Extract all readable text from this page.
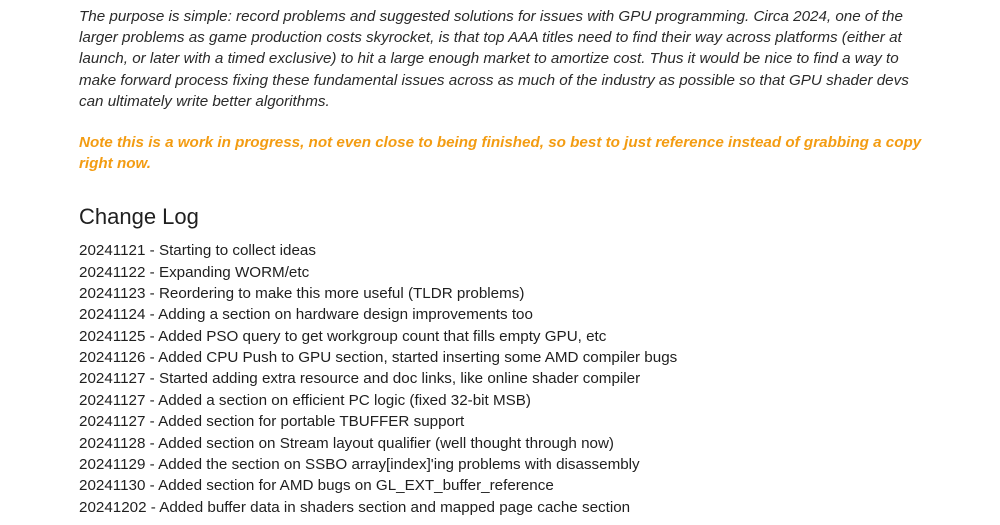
The purpose is simple: record problems and suggested solutions for issues with GPU programming. Circa 2024, one of the larger problems as game production costs skyrocket, is that top AAA titles need to find their way across platforms (either at launch, or later with a timed exclusive) to hit a large enough market to amortize cost. Thus it would be nice to find a way to make forward process fixing these fundamental issues across as much of the industry as possible so that GPU shader devs can ultimately write better algorithms.

Note this is a work in progress, not even close to being finished, so best to just reference instead of grabbing a copy right now.

Change Log
20241121 - Starting to collect ideas
20241122 - Expanding WORM/etc
20241123 - Reordering to make this more useful (TLDR problems)
20241124 - Adding a section on hardware design improvements too
20241125 - Added PSO query to get workgroup count that fills empty GPU, etc
20241126 - Added CPU Push to GPU section, started inserting some AMD compiler bugs
20241127 - Started adding extra resource and doc links, like online shader compiler
20241127 - Added a section on efficient PC logic (fixed 32-bit MSB)
20241127 - Added section for portable TBUFFER support
20241128 - Added section on Stream layout qualifier (well thought through now)
20241129 - Added the section on SSBO array[index]'ing problems with disassembly
20241130 - Added section for AMD bugs on GL_EXT_buffer_reference
20241202 - Added buffer data in shaders section and mapped page cache section
